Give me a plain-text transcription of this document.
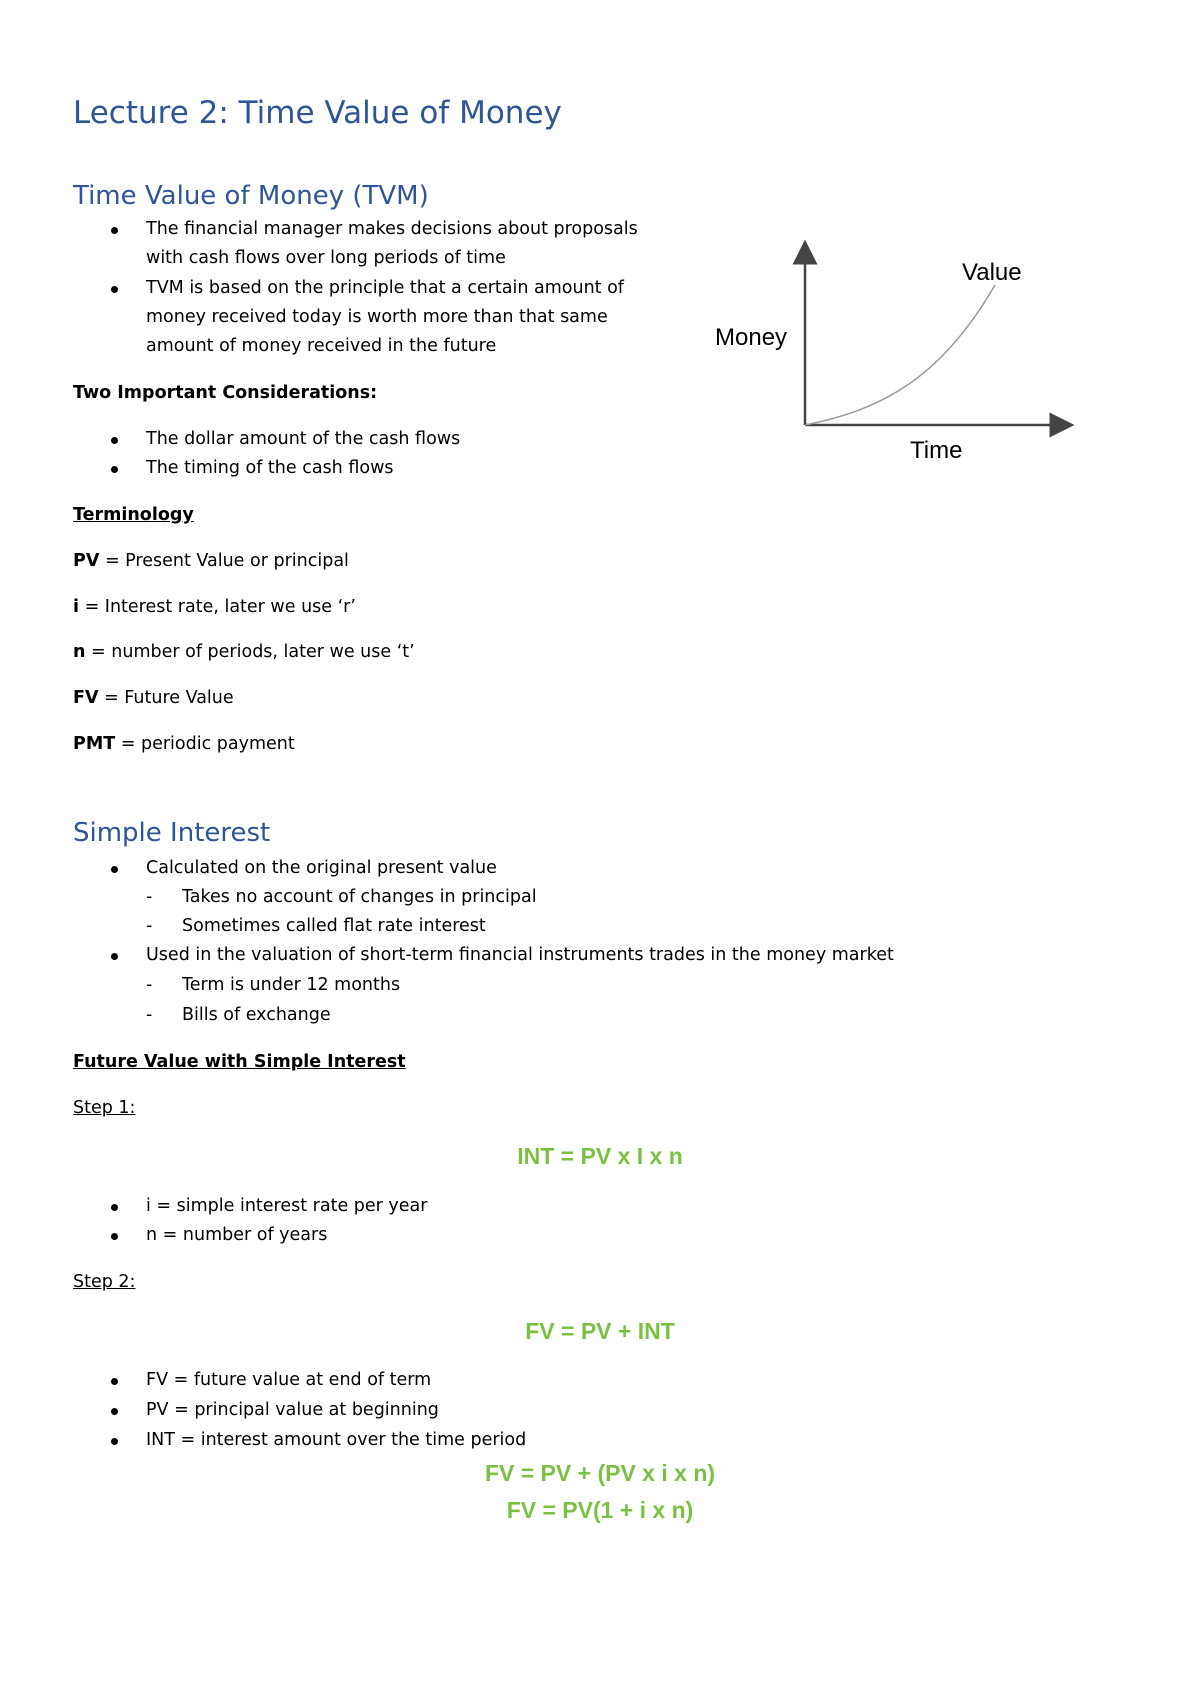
Lecture 2: Time Value of Money
Time Value of Money (TVM)
The financial manager makes decisions about proposals
with cash flows over long periods of time
TVM is based on the principle that a certain amount of
money received today is worth more than that same
amount of money received in the future
Two Important Considerations:
The dollar amount of the cash flows
The timing of the cash flows
Money
Time
Value
Terminology
PV = Present Value or principal
i = Interest rate, later we use ‘r’
n = number of periods, later we use ‘t’
FV = Future Value
PMT = periodic payment
Simple Interest
Calculated on the original present value
- Takes no account of changes in principal
- Sometimes called flat rate interest
Used in the valuation of short-term financial instruments trades in the money market
- Term is under 12 months
- Bills of exchange
Future Value with Simple Interest
Step 1:
INT = PV x I x n
i = simple interest rate per year
n = number of years
Step 2:
FV = PV + INT
FV = future value at end of term
PV = principal value at beginning
INT = interest amount over the time period
FV = PV + (PV x i x n)
FV = PV(1 + i x n)
